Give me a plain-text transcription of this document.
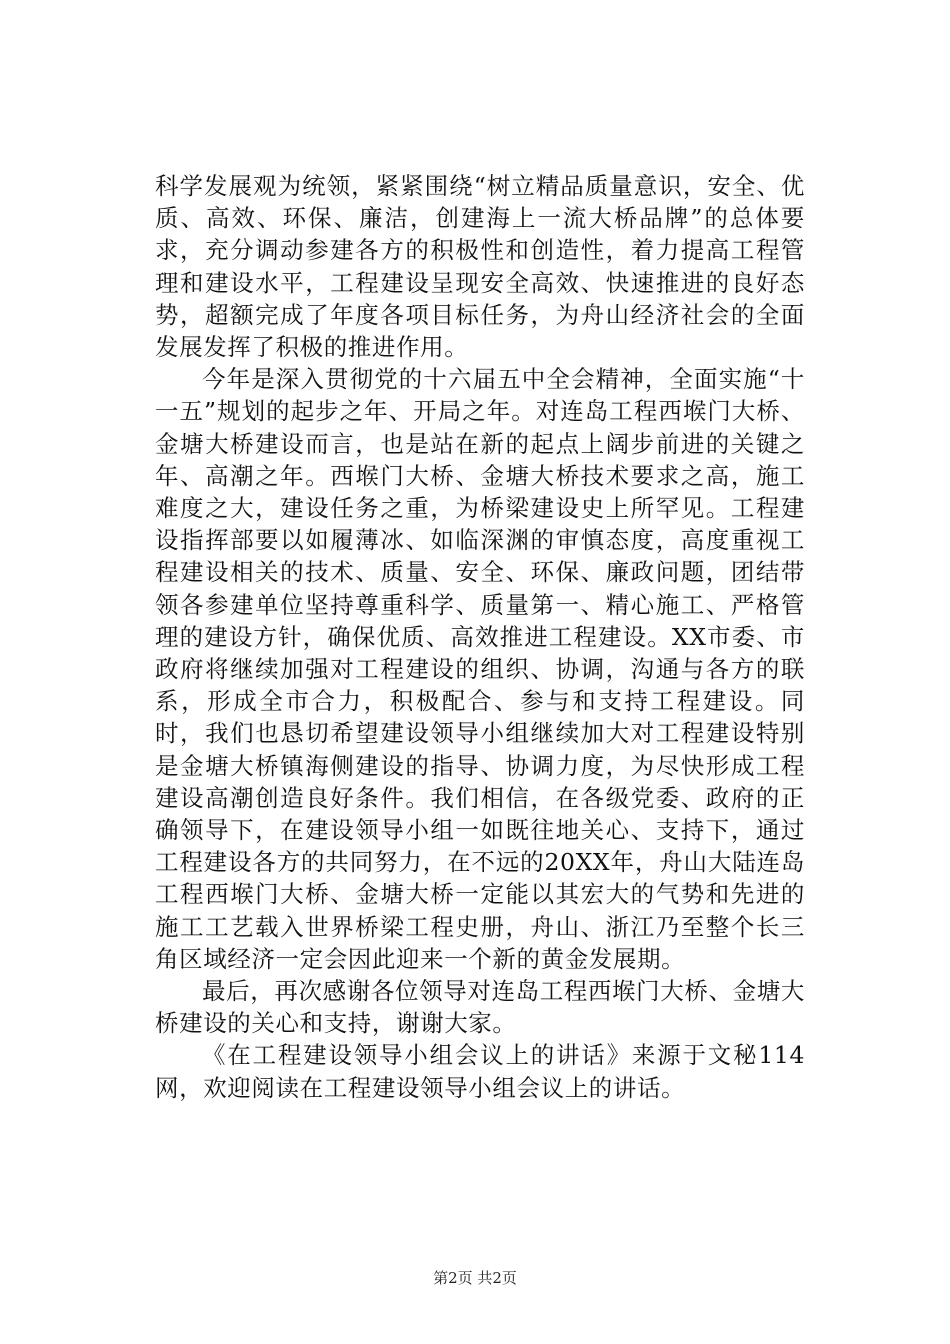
科学发展观为统领，紧紧围绕“树立精品质量意识，安全、优质、高效、环保、廉洁，创建海上一流大桥品牌”的总体要求，充分调动参建各方的积极性和创造性，着力提高工程管理和建设水平，工程建设呈现安全高效、快速推进的良好态势，超额完成了年度各项目标任务，为舟山经济社会的全面发展发挥了积极的推进作用。

今年是深入贯彻党的十六届五中全会精神，全面实施“十一五”规划的起步之年、开局之年。对连岛工程西堠门大桥、金塘大桥建设而言，也是站在新的起点上阔步前进的关键之年、高潮之年。西堠门大桥、金塘大桥技术要求之高，施工难度之大，建设任务之重，为桥梁建设史上所罕见。工程建设指挥部要以如履薄冰、如临深渊的审慎态度，高度重视工程建设相关的技术、质量、安全、环保、廉政问题，团结带领各参建单位坚持尊重科学、质量第一、精心施工、严格管理的建设方针，确保优质、高效推进工程建设。XX市委、市政府将继续加强对工程建设的组织、协调，沟通与各方的联系，形成全市合力，积极配合、参与和支持工程建设。同时，我们也恳切希望建设领导小组继续加大对工程建设特别是金塘大桥镇海侧建设的指导、协调力度，为尽快形成工程建设高潮创造良好条件。我们相信，在各级党委、政府的正确领导下，在建设领导小组一如既往地关心、支持下，通过工程建设各方的共同努力，在不远的20XX年，舟山大陆连岛工程西堠门大桥、金塘大桥一定能以其宏大的气势和先进的施工工艺载入世界桥梁工程史册，舟山、浙江乃至整个长三角区域经济一定会因此迎来一个新的黄金发展期。

最后，再次感谢各位领导对连岛工程西堠门大桥、金塘大桥建设的关心和支持，谢谢大家。

《在工程建设领导小组会议上的讲话》来源于文秘114网，欢迎阅读在工程建设领导小组会议上的讲话。

第2页 共2页
